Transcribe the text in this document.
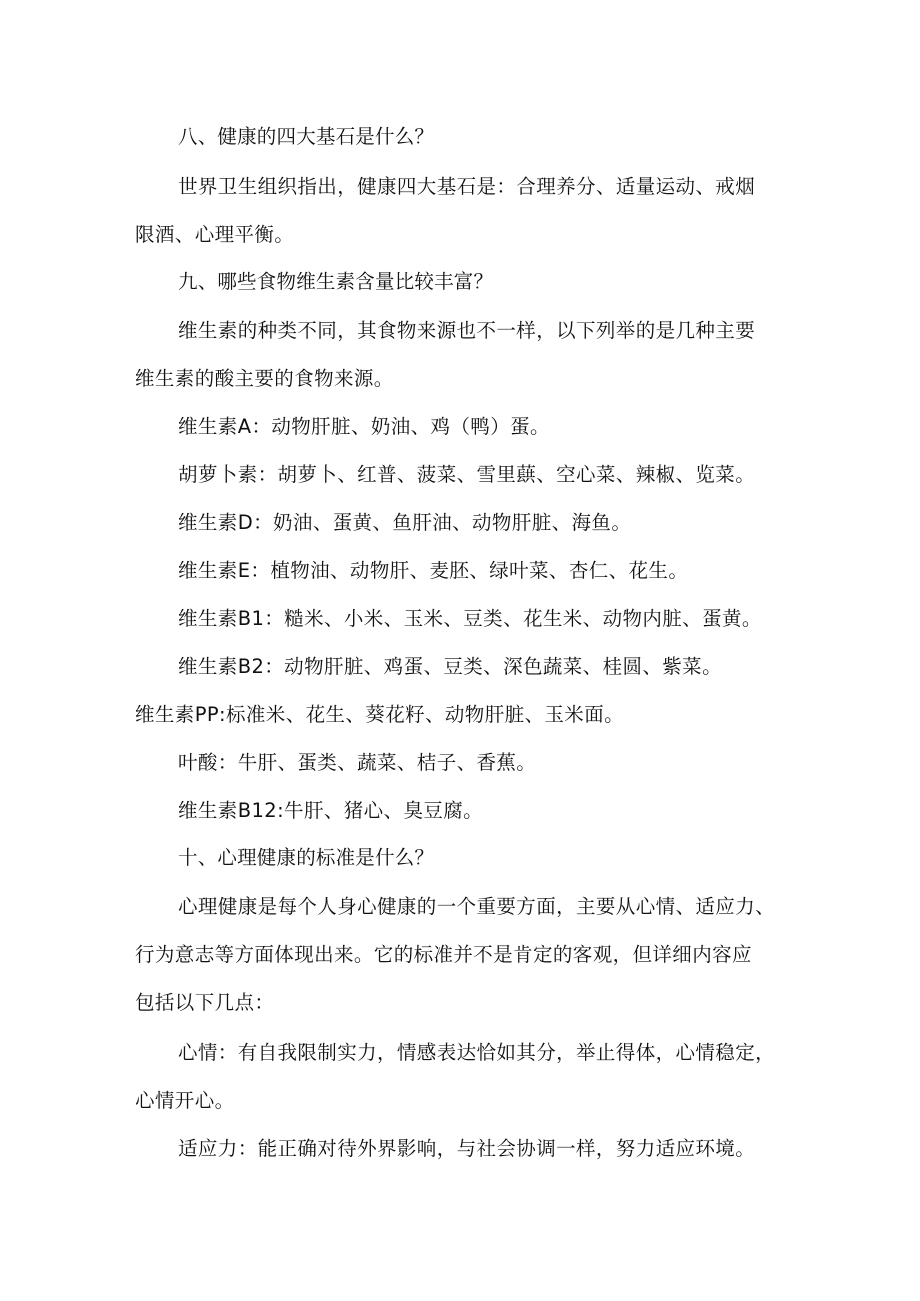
八、健康的四大基石是什么？
世界卫生组织指出，健康四大基石是：合理养分、适量运动、戒烟
限酒、心理平衡。
九、哪些食物维生素含量比较丰富？
维生素的种类不同，其食物来源也不一样，以下列举的是几种主要
维生素的酸主要的食物来源。
维生素A：动物肝脏、奶油、鸡（鸭）蛋。
胡萝卜素：胡萝卜、红普、菠菜、雪里蕻、空心菜、辣椒、览菜。
维生素D：奶油、蛋黄、鱼肝油、动物肝脏、海鱼。
维生素E：植物油、动物肝、麦胚、绿叶菜、杏仁、花生。
维生素B1：糙米、小米、玉米、豆类、花生米、动物内脏、蛋黄。
维生素B2：动物肝脏、鸡蛋、豆类、深色蔬菜、桂圆、紫菜。
维生素PP:标准米、花生、葵花籽、动物肝脏、玉米面。
叶酸：牛肝、蛋类、蔬菜、桔子、香蕉。
维生素B12:牛肝、猪心、臭豆腐。
十、心理健康的标准是什么？
心理健康是每个人身心健康的一个重要方面，主要从心情、适应力、
行为意志等方面体现出来。它的标准并不是肯定的客观，但详细内容应
包括以下几点：
心情：有自我限制实力，情感表达恰如其分，举止得体，心情稳定，
心情开心。
适应力：能正确对待外界影响，与社会协调一样，努力适应环境。
